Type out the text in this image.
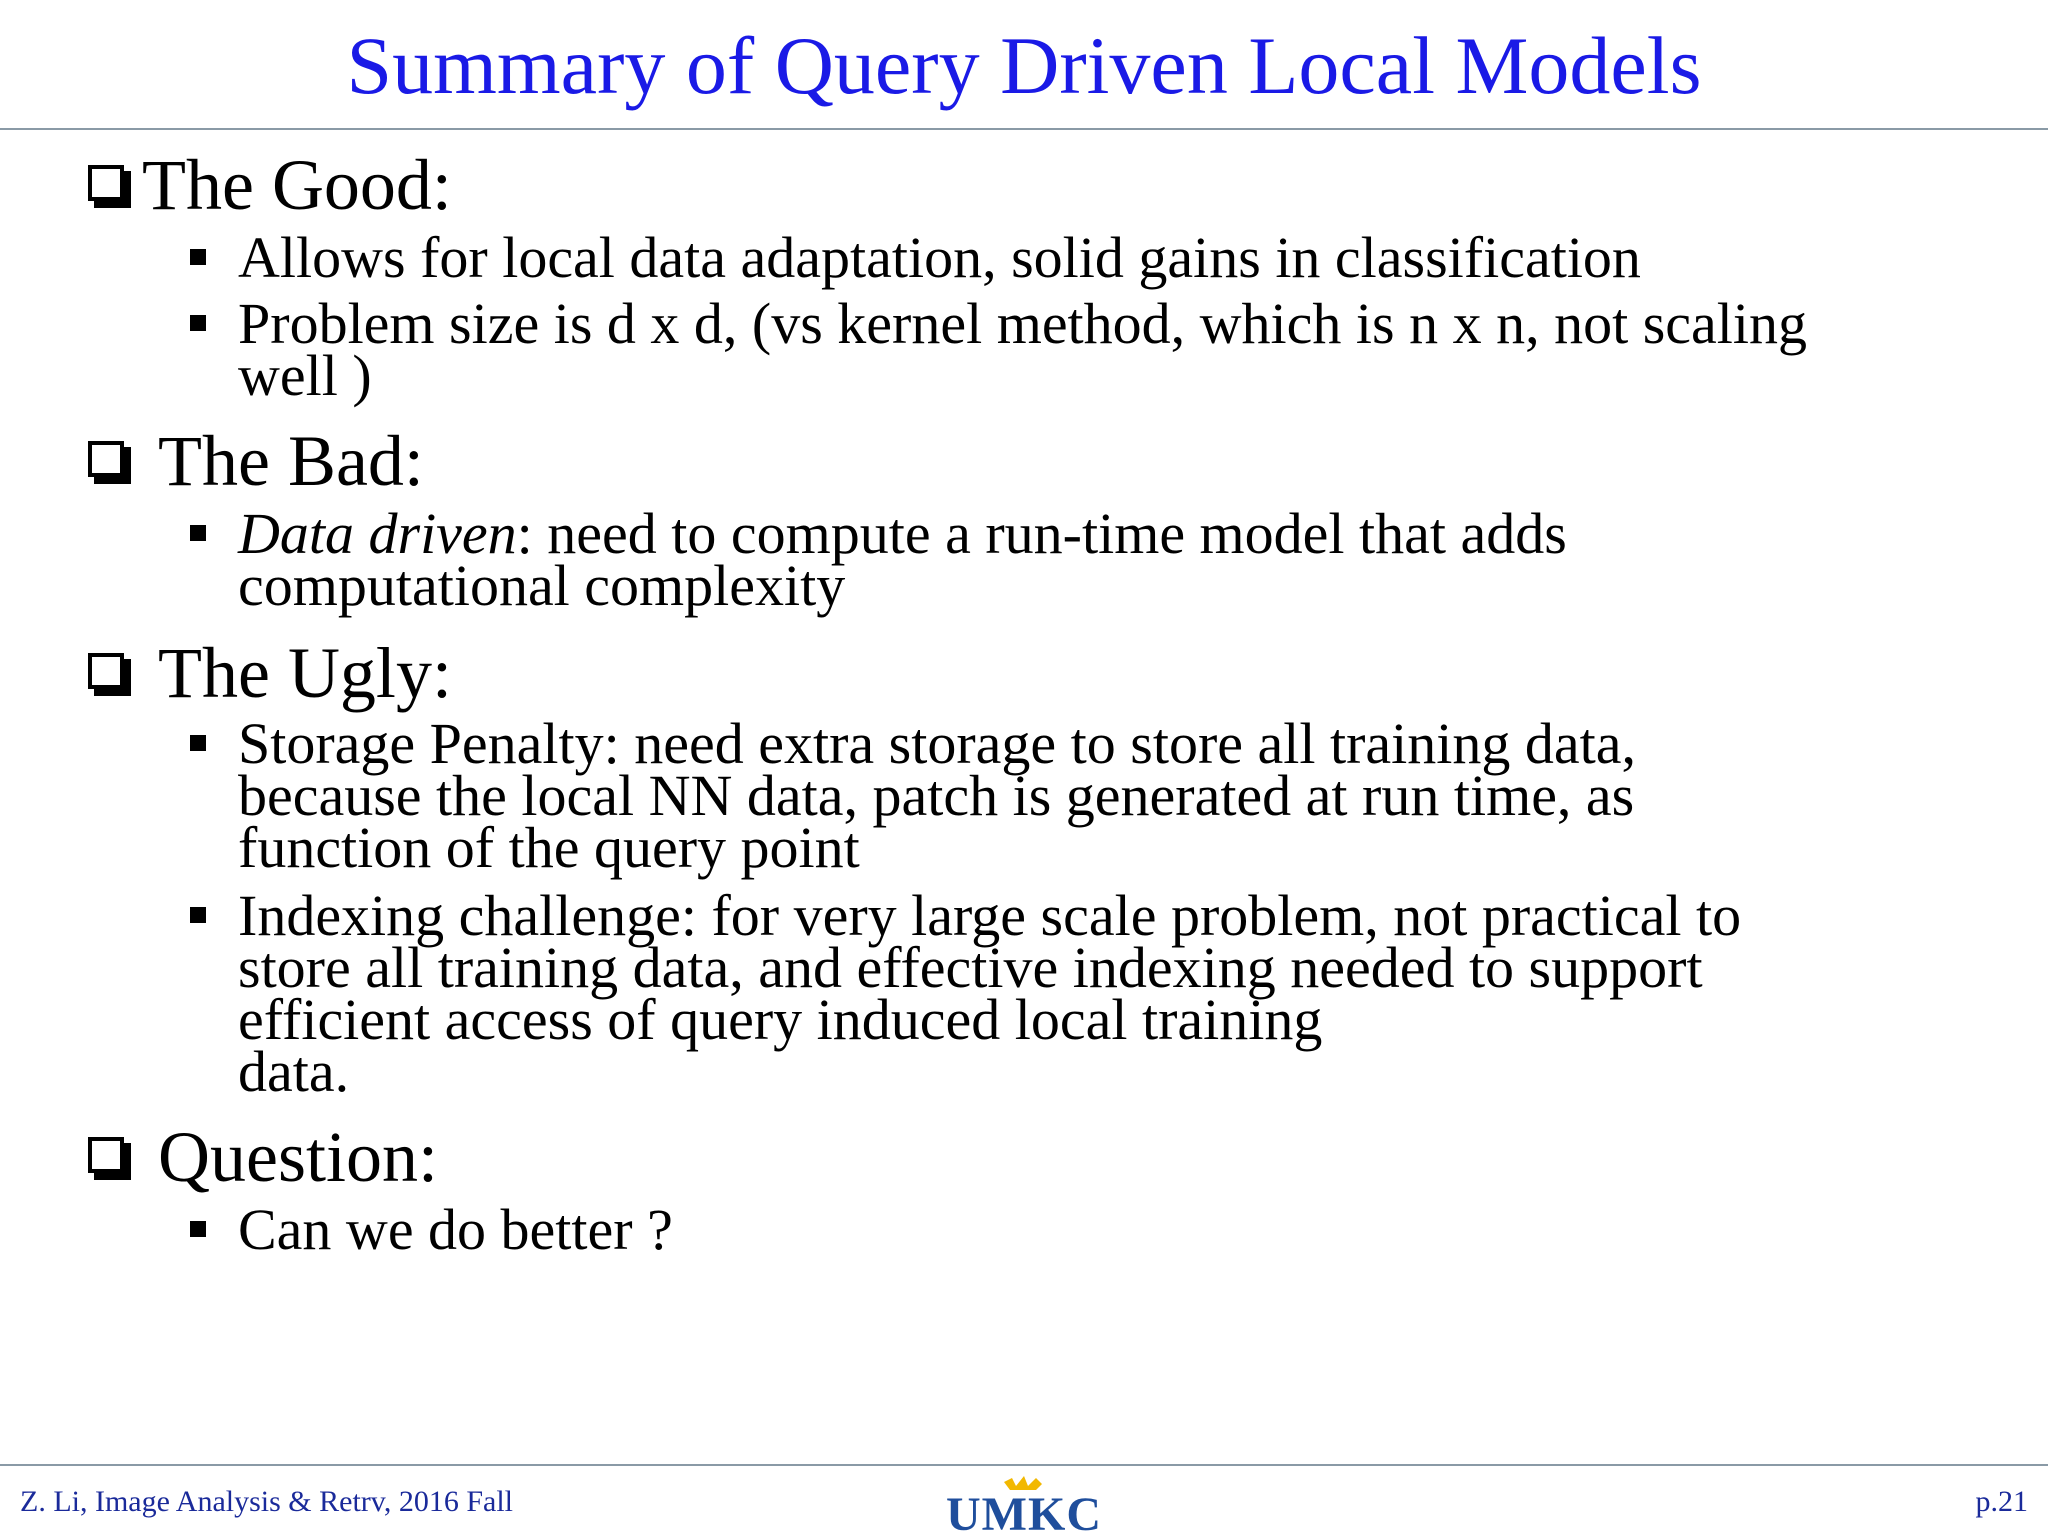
Summary of Query Driven Local Models
The Good:
Allows for local data adaptation, solid gains in classification
Problem size is d x d, (vs kernel method, which is n x n, not scaling
well )
The Bad:
Data driven: need to compute a run-time model that adds
computational complexity
The Ugly:
Storage Penalty: need extra storage to store all training data,
because the local NN data, patch is generated at run time, as
function of the query point
Indexing challenge: for very large scale problem, not practical to
store all training data, and effective indexing needed to support
efficient access of query induced local training
data.
Question:
Can we do better ?
Z. Li, Image Analysis & Retrv, 2016 Fall	UMKC	p.21
